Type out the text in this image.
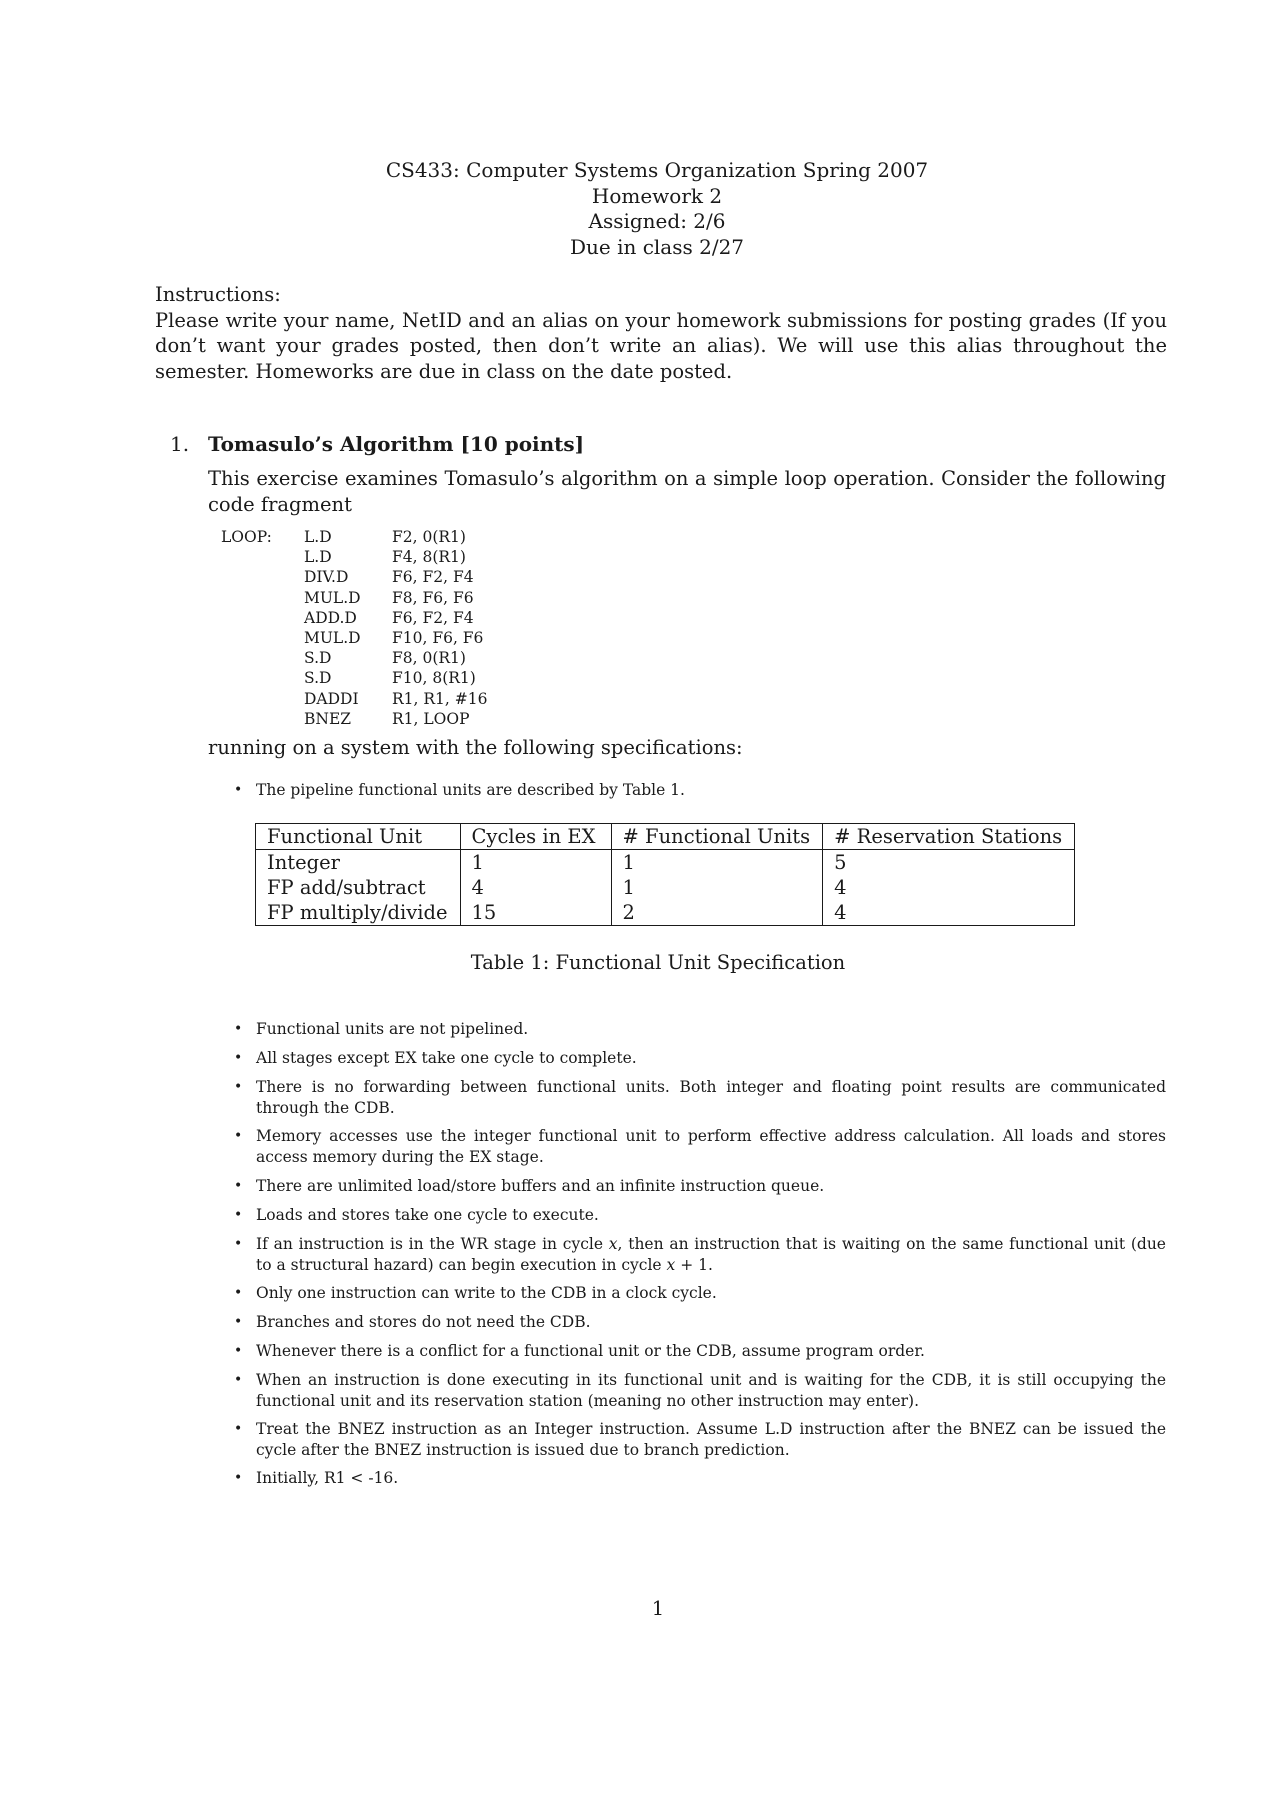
CS433: Computer Systems Organization Spring 2007
Homework 2
Assigned: 2/6
Due in class 2/27
Instructions:
Please write your name, NetID and an alias on your homework submissions for posting grades (If you don’t want your grades posted, then don’t write an alias). We will use this alias throughout the semester. Homeworks are due in class on the date posted.
1. Tomasulo’s Algorithm [10 points]
This exercise examines Tomasulo’s algorithm on a simple loop operation. Consider the following code fragment
LOOP:	L.D	F2, 0(R1)
L.D	F4, 8(R1)
DIV.D	F6, F2, F4
MUL.D	F8, F6, F6
ADD.D	F6, F2, F4
MUL.D	F10, F6, F6
S.D	F8, 0(R1)
S.D	F10, 8(R1)
DADDI	R1, R1, #16
BNEZ	R1, LOOP
running on a system with the following specifications:
• The pipeline functional units are described by Table 1.
Functional Unit	Cycles in EX	# Functional Units	# Reservation Stations
Integer	1	1	5
FP add/subtract	4	1	4
FP multiply/divide	15	2	4
Table 1: Functional Unit Specification
• Functional units are not pipelined.
• All stages except EX take one cycle to complete.
• There is no forwarding between functional units. Both integer and floating point results are communicated through the CDB.
• Memory accesses use the integer functional unit to perform effective address calculation. All loads and stores access memory during the EX stage.
• There are unlimited load/store buffers and an infinite instruction queue.
• Loads and stores take one cycle to execute.
• If an instruction is in the WR stage in cycle x, then an instruction that is waiting on the same functional unit (due to a structural hazard) can begin execution in cycle x + 1.
• Only one instruction can write to the CDB in a clock cycle.
• Branches and stores do not need the CDB.
• Whenever there is a conflict for a functional unit or the CDB, assume program order.
• When an instruction is done executing in its functional unit and is waiting for the CDB, it is still occupying the functional unit and its reservation station (meaning no other instruction may enter).
• Treat the BNEZ instruction as an Integer instruction. Assume L.D instruction after the BNEZ can be issued the cycle after the BNEZ instruction is issued due to branch prediction.
• Initially, R1 < -16.
1
